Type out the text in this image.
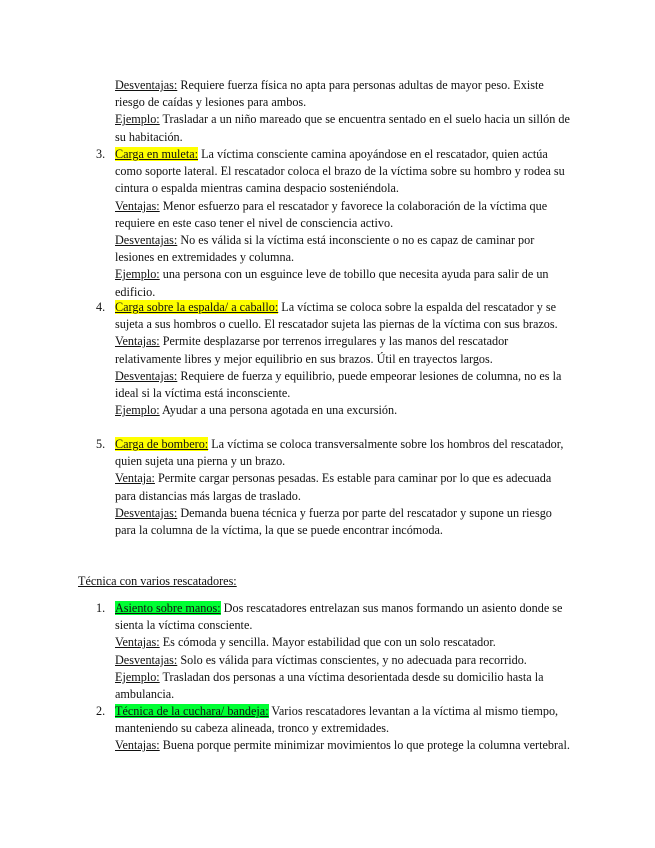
Desventajas: Requiere fuerza física no apta para personas adultas de mayor peso. Existe riesgo de caídas y lesiones para ambos.

Ejemplo: Trasladar a un niño mareado que se encuentra sentado en el suelo hacia un sillón de su habitación.

3. Carga en muleta: La víctima consciente camina apoyándose en el rescatador, quien actúa como soporte lateral. El rescatador coloca el brazo de la víctima sobre su hombro y rodea su cintura o espalda mientras camina despacio sosteniéndola.

Ventajas: Menor esfuerzo para el rescatador y favorece la colaboración de la víctima que requiere en este caso tener el nivel de consciencia activo.

Desventajas: No es válida si la víctima está inconsciente o no es capaz de caminar por lesiones en extremidades y columna.

Ejemplo: una persona con un esguince leve de tobillo que necesita ayuda para salir de un edificio.

4. Carga sobre la espalda/ a caballo: La víctima se coloca sobre la espalda del rescatador y se sujeta a sus hombros o cuello. El rescatador sujeta las piernas de la víctima con sus brazos.

Ventajas: Permite desplazarse por terrenos irregulares y las manos del rescatador relativamente libres y mejor equilibrio en sus brazos. Útil en trayectos largos.

Desventajas: Requiere de fuerza y equilibrio, puede empeorar lesiones de columna, no es la ideal si la víctima está inconsciente.

Ejemplo: Ayudar a una persona agotada en una excursión.

5. Carga de bombero: La víctima se coloca transversalmente sobre los hombros del rescatador, quien sujeta una pierna y un brazo.

Ventaja: Permite cargar personas pesadas. Es estable para caminar por lo que es adecuada para distancias más largas de traslado.

Desventajas: Demanda buena técnica y fuerza por parte del rescatador y supone un riesgo para la columna de la víctima, la que se puede encontrar incómoda.

Técnica con varios rescatadores:

1. Asiento sobre manos: Dos rescatadores entrelazan sus manos formando un asiento donde se sienta la víctima consciente.

Ventajas: Es cómoda y sencilla. Mayor estabilidad que con un solo rescatador.

Desventajas: Solo es válida para víctimas conscientes, y no adecuada para recorrido.

Ejemplo: Trasladan dos personas a una víctima desorientada desde su domicilio hasta la ambulancia.

2. Técnica de la cuchara/ bandeja: Varios rescatadores levantan a la víctima al mismo tiempo, manteniendo su cabeza alineada, tronco y extremidades.

Ventajas: Buena porque permite minimizar movimientos lo que protege la columna vertebral.
